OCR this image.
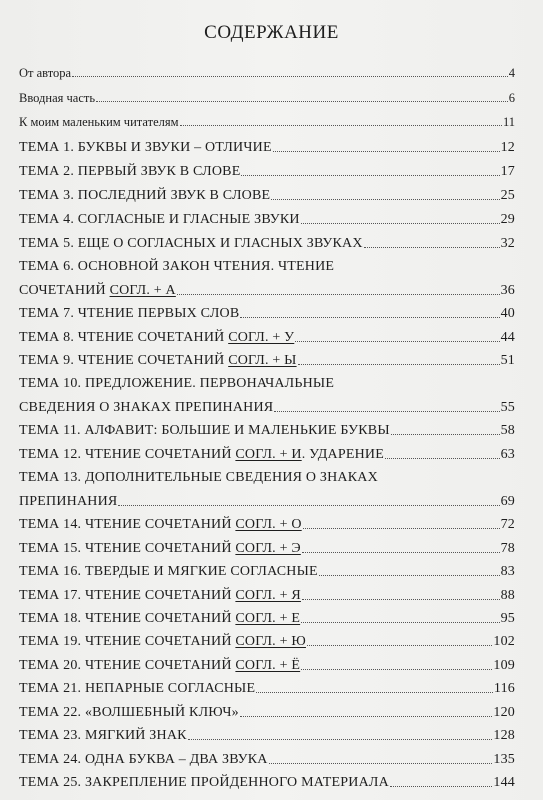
СОДЕРЖАНИЕ
От автора	4
Вводная часть	6
К моим маленьким читателям	11
ТЕМА 1. БУКВЫ И ЗВУКИ – ОТЛИЧИЕ	12
ТЕМА 2. ПЕРВЫЙ ЗВУК В СЛОВЕ	17
ТЕМА 3. ПОСЛЕДНИЙ ЗВУК В СЛОВЕ	25
ТЕМА 4. СОГЛАСНЫЕ И ГЛАСНЫЕ ЗВУКИ	29
ТЕМА 5. ЕЩЕ О СОГЛАСНЫХ И ГЛАСНЫХ ЗВУКАХ	32
ТЕМА 6. ОСНОВНОЙ ЗАКОН ЧТЕНИЯ. ЧТЕНИЕ
СОЧЕТАНИЙ СОГЛ. + А	36
ТЕМА 7. ЧТЕНИЕ ПЕРВЫХ СЛОВ	40
ТЕМА 8. ЧТЕНИЕ СОЧЕТАНИЙ СОГЛ. + У	44
ТЕМА 9. ЧТЕНИЕ СОЧЕТАНИЙ СОГЛ. + Ы	51
ТЕМА 10. ПРЕДЛОЖЕНИЕ. ПЕРВОНАЧАЛЬНЫЕ
СВЕДЕНИЯ О ЗНАКАХ ПРЕПИНАНИЯ	55
ТЕМА 11. АЛФАВИТ: БОЛЬШИЕ И МАЛЕНЬКИЕ БУКВЫ	58
ТЕМА 12. ЧТЕНИЕ СОЧЕТАНИЙ СОГЛ. + И. УДАРЕНИЕ	63
ТЕМА 13. ДОПОЛНИТЕЛЬНЫЕ СВЕДЕНИЯ О ЗНАКАХ
ПРЕПИНАНИЯ	69
ТЕМА 14. ЧТЕНИЕ СОЧЕТАНИЙ СОГЛ. + О	72
ТЕМА 15. ЧТЕНИЕ СОЧЕТАНИЙ СОГЛ. + Э	78
ТЕМА 16. ТВЕРДЫЕ И МЯГКИЕ СОГЛАСНЫЕ	83
ТЕМА 17. ЧТЕНИЕ СОЧЕТАНИЙ СОГЛ. + Я	88
ТЕМА 18. ЧТЕНИЕ СОЧЕТАНИЙ СОГЛ. + Е	95
ТЕМА 19. ЧТЕНИЕ СОЧЕТАНИЙ СОГЛ. + Ю	102
ТЕМА 20. ЧТЕНИЕ СОЧЕТАНИЙ СОГЛ. + Ё	109
ТЕМА 21. НЕПАРНЫЕ СОГЛАСНЫЕ	116
ТЕМА 22. «ВОЛШЕБНЫЙ КЛЮЧ»	120
ТЕМА 23. МЯГКИЙ ЗНАК	128
ТЕМА 24. ОДНА БУКВА – ДВА ЗВУКА	135
ТЕМА 25. ЗАКРЕПЛЕНИЕ ПРОЙДЕННОГО МАТЕРИАЛА	144
